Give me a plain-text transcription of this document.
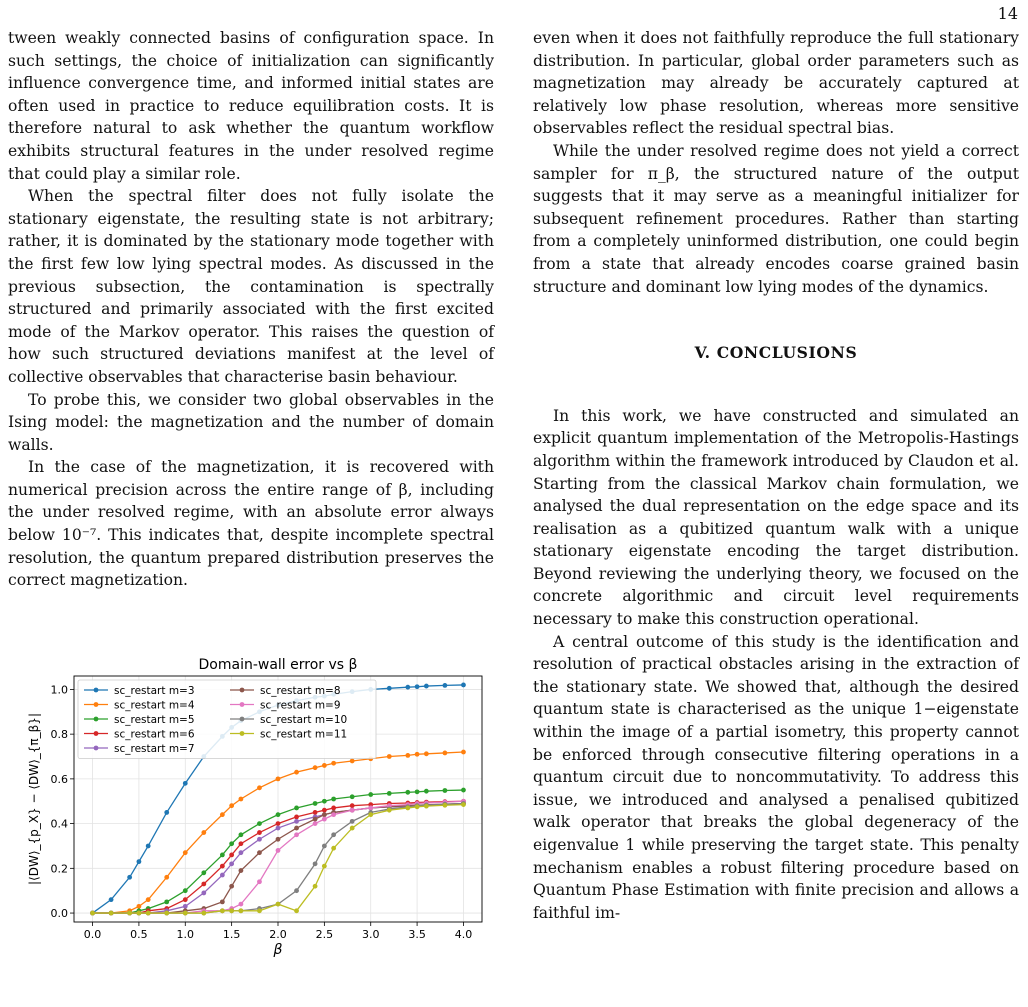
14

tween weakly connected basins of configuration space. In such settings, the choice of initialization can significantly influence convergence time, and informed initial states are often used in practice to reduce equilibration costs. It is therefore natural to ask whether the quantum workflow exhibits structural features in the under resolved regime that could play a similar role.

When the spectral filter does not fully isolate the stationary eigenstate, the resulting state is not arbitrary; rather, it is dominated by the stationary mode together with the first few low lying spectral modes. As discussed in the previous subsection, the contamination is spectrally structured and primarily associated with the first excited mode of the Markov operator. This raises the question of how such structured deviations manifest at the level of collective observables that characterise basin behaviour.

To probe this, we consider two global observables in the Ising model: the magnetization and the number of domain walls.

In the case of the magnetization, it is recovered with numerical precision across the entire range of β, including the under resolved regime, with an absolute error always below 10⁻⁷. This indicates that, despite incomplete spectral resolution, the quantum prepared distribution preserves the correct magnetization.

Domain-wall error vs β
0.0	0.5	1.0	1.5	2.0	2.5	3.0	3.5	4.0
0.0
0.2
0.4
0.6
0.8
1.0
β
|⟨DW⟩_{p_X} − ⟨DW⟩_{π_β}|
sc_restart m=3
sc_restart m=4
sc_restart m=5
sc_restart m=6
sc_restart m=7
sc_restart m=8
sc_restart m=9
sc_restart m=10
sc_restart m=11

even when it does not faithfully reproduce the full stationary distribution. In particular, global order parameters such as magnetization may already be accurately captured at relatively low phase resolution, whereas more sensitive observables reflect the residual spectral bias.

While the under resolved regime does not yield a correct sampler for π_β, the structured nature of the output suggests that it may serve as a meaningful initializer for subsequent refinement procedures. Rather than starting from a completely uninformed distribution, one could begin from a state that already encodes coarse grained basin structure and dominant low lying modes of the dynamics.

V. CONCLUSIONS

In this work, we have constructed and simulated an explicit quantum implementation of the Metropolis-Hastings algorithm within the framework introduced by Claudon et al. Starting from the classical Markov chain formulation, we analysed the dual representation on the edge space and its realisation as a qubitized quantum walk with a unique stationary eigenstate encoding the target distribution. Beyond reviewing the underlying theory, we focused on the concrete algorithmic and circuit level requirements necessary to make this construction operational.

A central outcome of this study is the identification and resolution of practical obstacles arising in the extraction of the stationary state. We showed that, although the desired quantum state is characterised as the unique 1−eigenstate within the image of a partial isometry, this property cannot be enforced through consecutive filtering operations in a quantum circuit due to noncommutativity. To address this issue, we introduced and analysed a penalised qubitized walk operator that breaks the global degeneracy of the eigenvalue 1 while preserving the target state. This penalty mechanism enables a robust filtering procedure based on Quantum Phase Estimation with finite precision and allows a faithful im-
